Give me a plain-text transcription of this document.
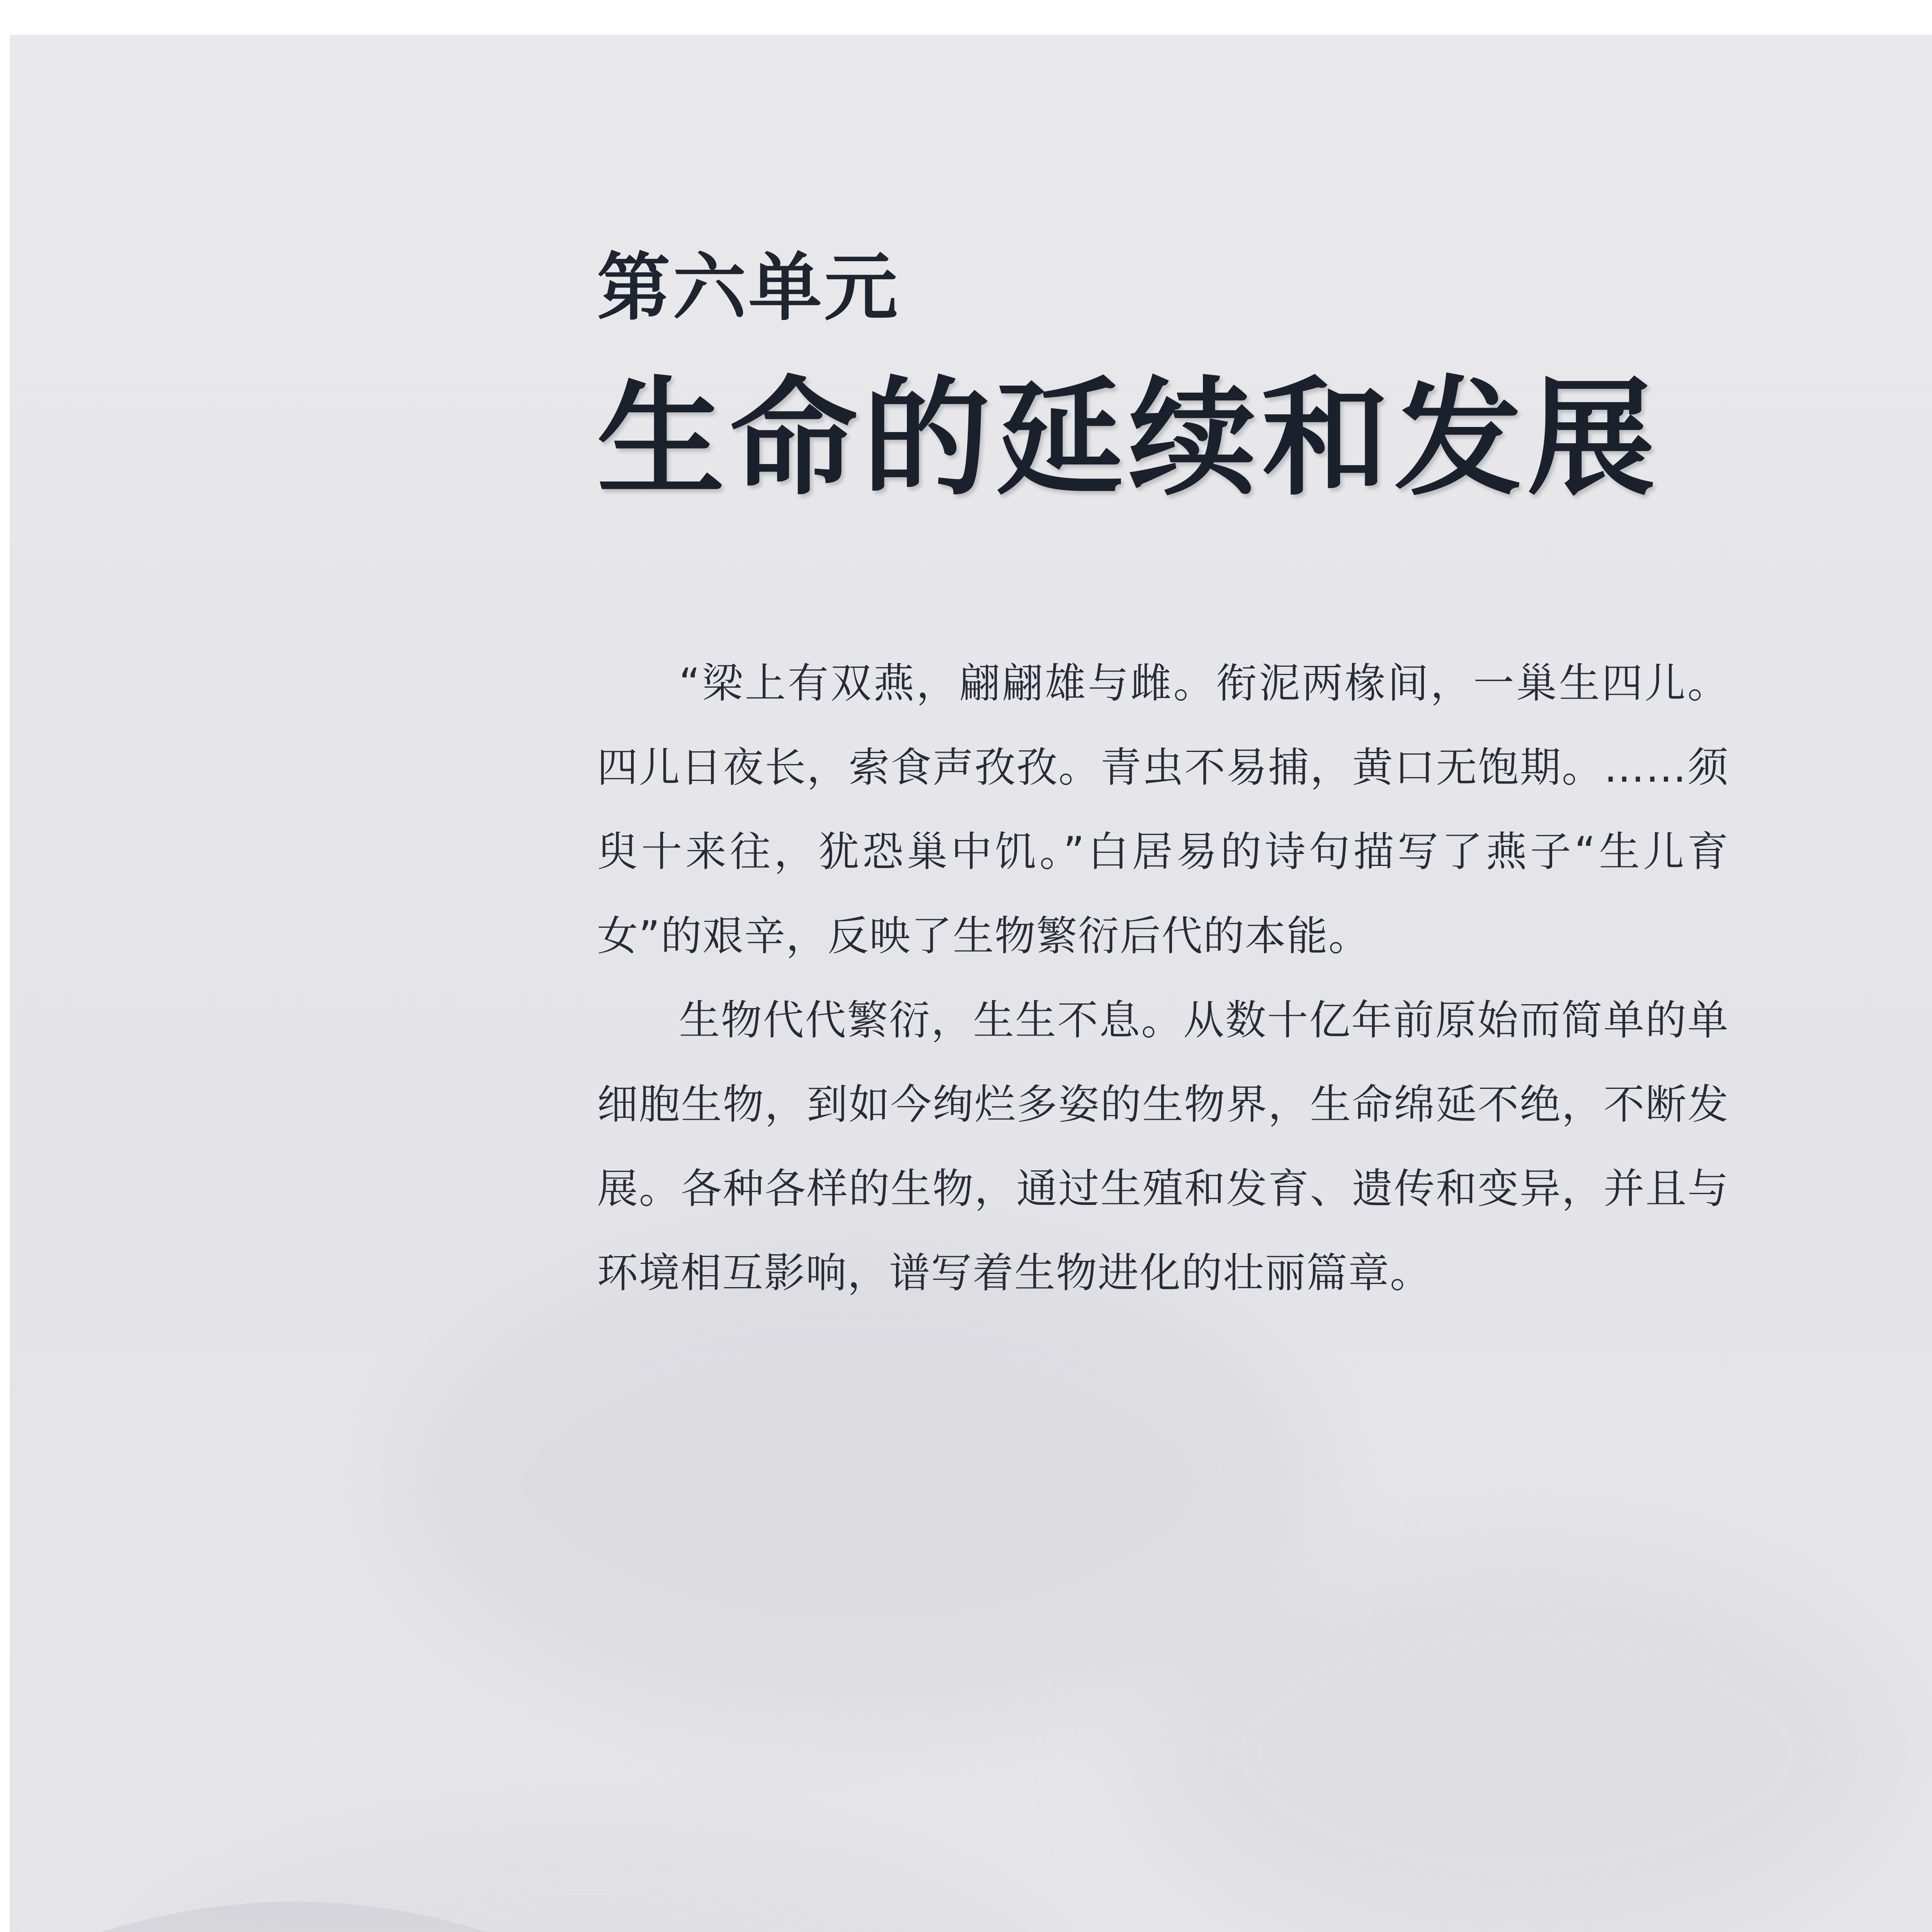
第六单元
生命的延续和发展

“梁上有双燕，翩翩雄与雌。衔泥两椽间，一巢生四儿。四儿日夜长，索食声孜孜。青虫不易捕，黄口无饱期。……须臾十来往，犹恐巢中饥。”白居易的诗句描写了燕子“生儿育女”的艰辛，反映了生物繁衍后代的本能。

生物代代繁衍，生生不息。从数十亿年前原始而简单的单细胞生物，到如今绚烂多姿的生物界，生命绵延不绝，不断发展。各种各样的生物，通过生殖和发育、遗传和变异，并且与环境相互影响，谱写着生物进化的壮丽篇章。
